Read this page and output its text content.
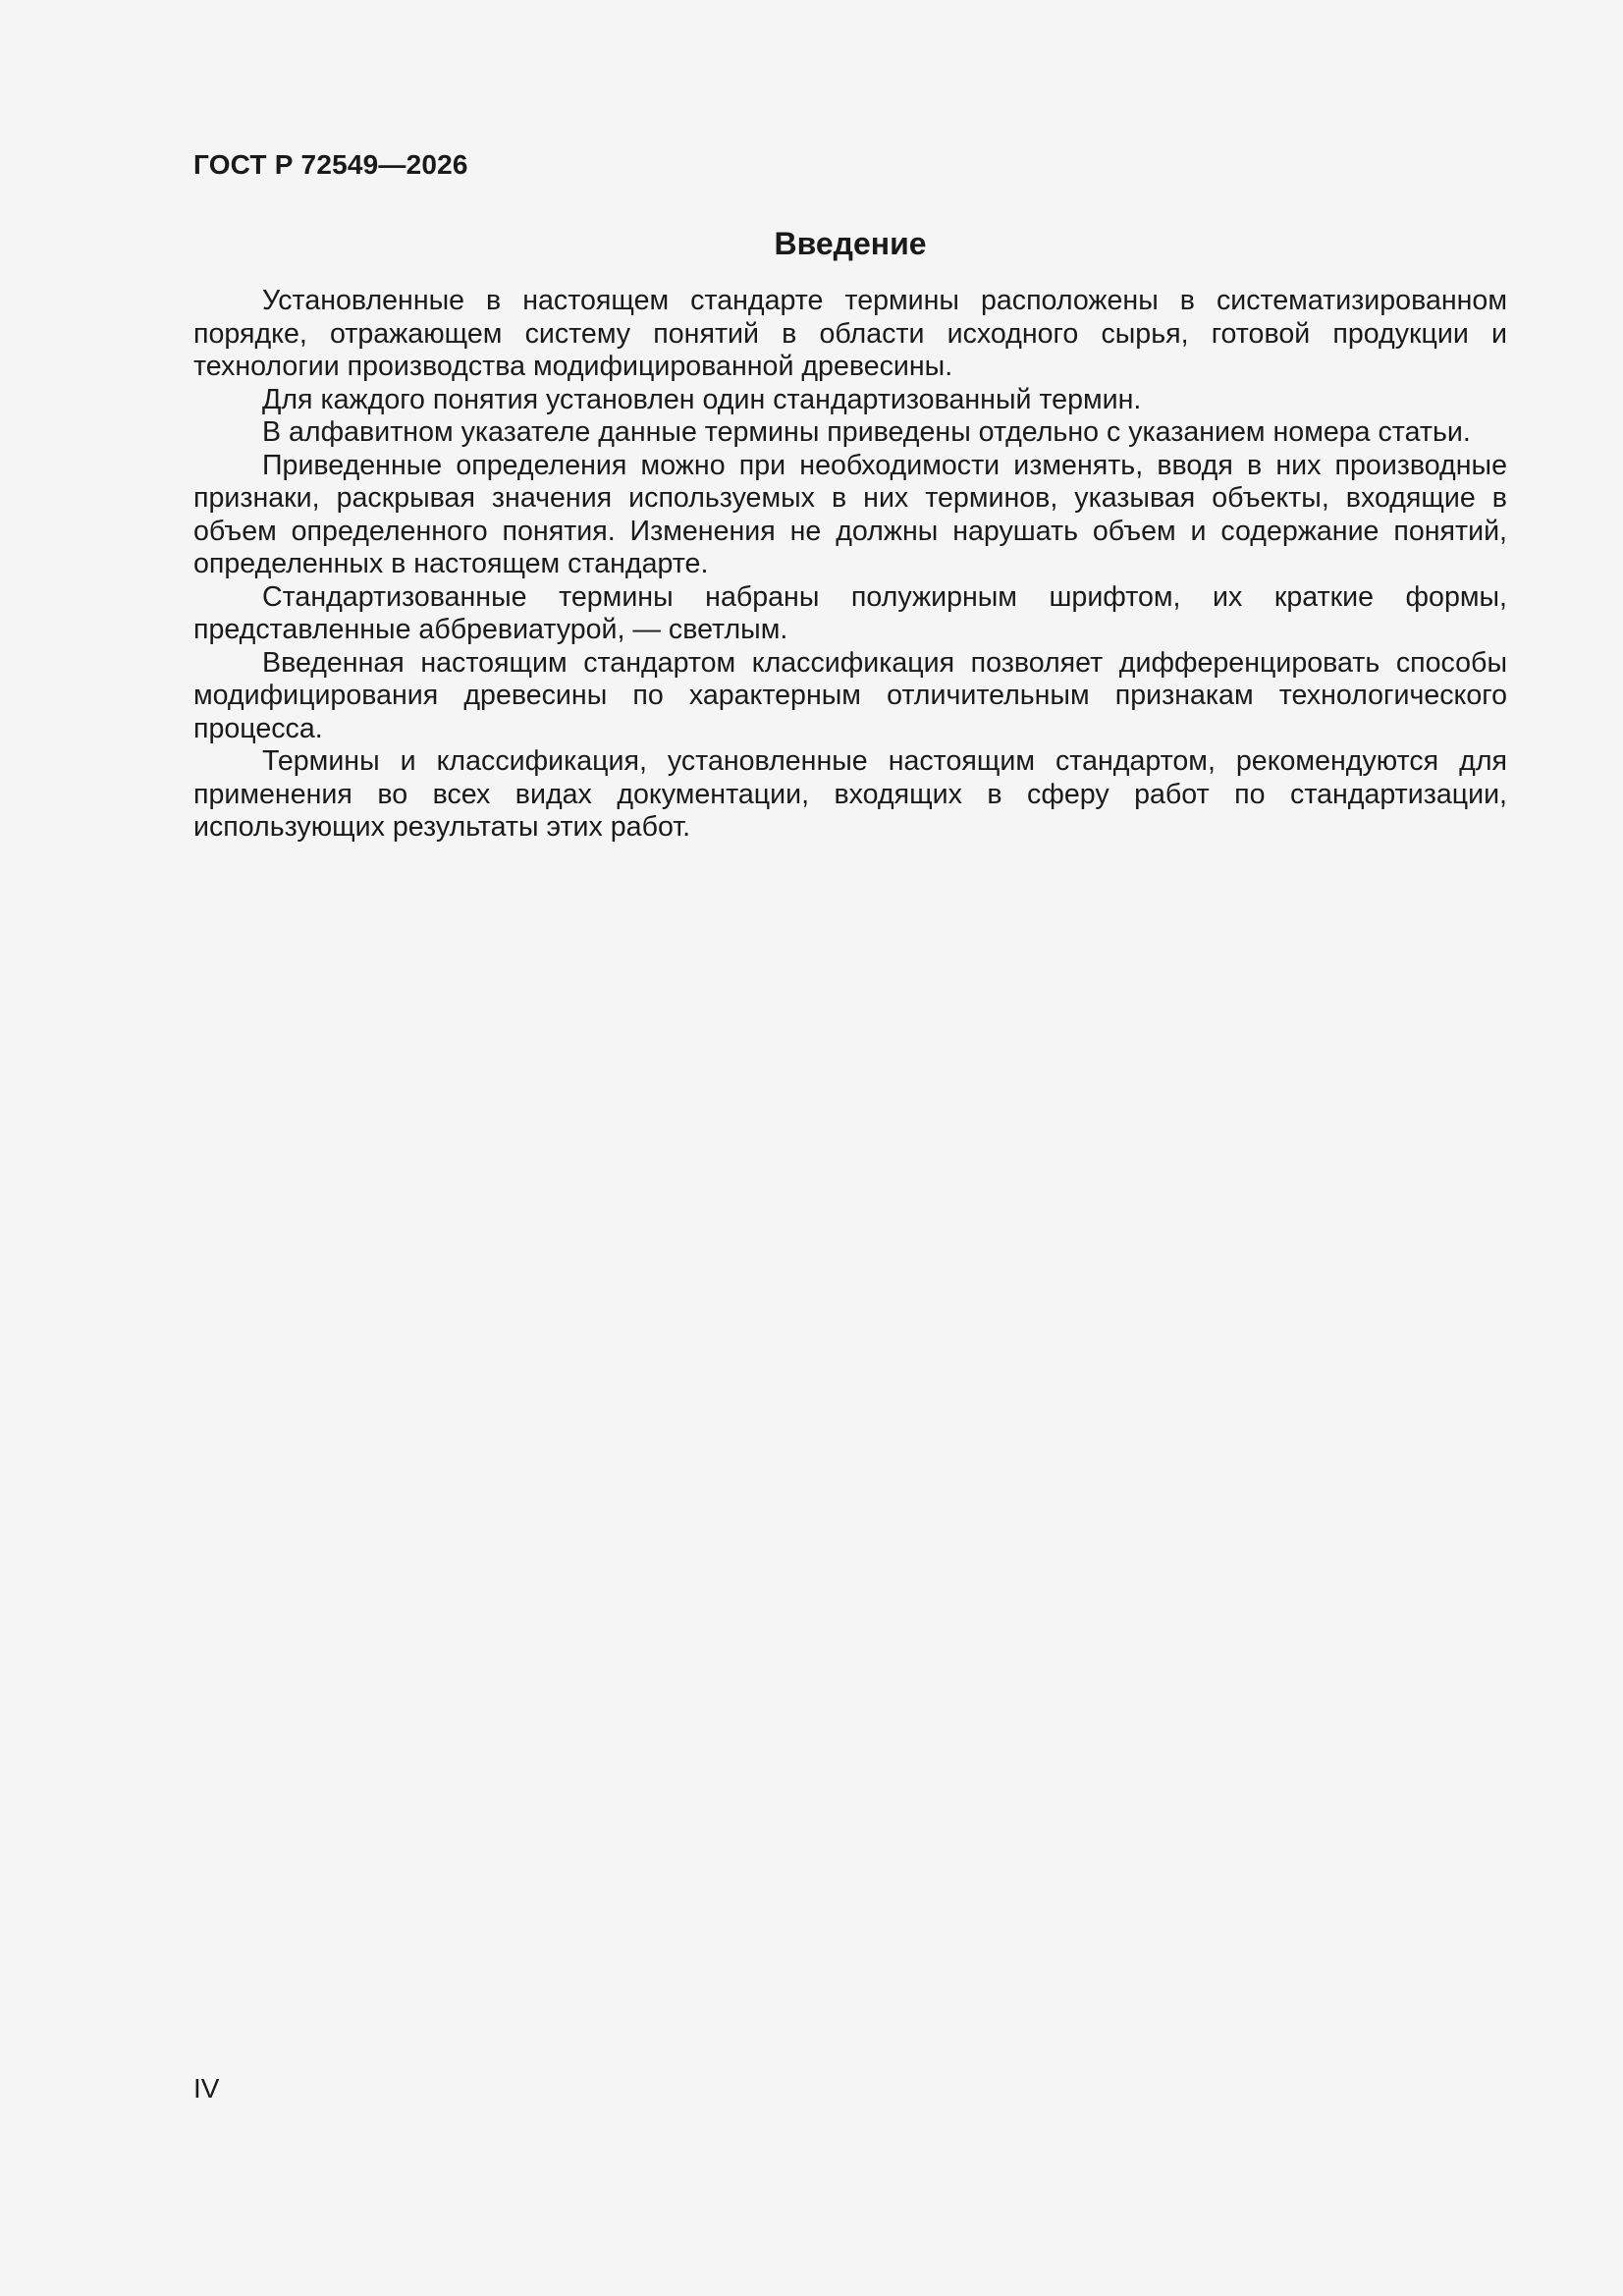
ГОСТ Р 72549—2026
Введение

Установленные в настоящем стандарте термины расположены в систематизированном порядке, отражающем систему понятий в области исходного сырья, готовой продукции и технологии производства модифицированной древесины.

Для каждого понятия установлен один стандартизованный термин.

В алфавитном указателе данные термины приведены отдельно с указанием номера статьи.

Приведенные определения можно при необходимости изменять, вводя в них производные признаки, раскрывая значения используемых в них терминов, указывая объекты, входящие в объем определенного понятия. Изменения не должны нарушать объем и содержание понятий, определенных в настоящем стандарте.

Стандартизованные термины набраны полужирным шрифтом, их краткие формы, представленные аббревиатурой, — светлым.

Введенная настоящим стандартом классификация позволяет дифференцировать способы модифицирования древесины по характерным отличительным признакам технологического процесса.

Термины и классификация, установленные настоящим стандартом, рекомендуются для применения во всех видах документации, входящих в сферу работ по стандартизации, использующих результаты этих работ.

IV
